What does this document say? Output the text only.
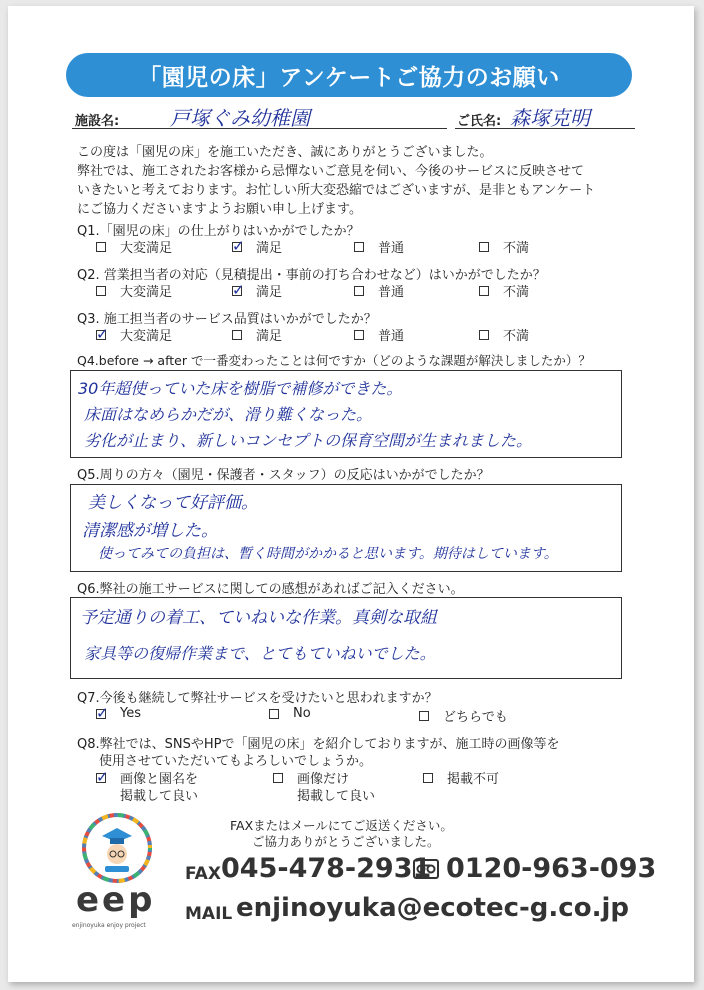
「園児の床」アンケートご協力のお願い
施設名:	戸塚ぐみ幼稚園	ご氏名: 森塚克明
この度は「園児の床」を施工いただき、誠にありがとうございました。
弊社では、施工されたお客様から忌憚ないご意見を伺い、今後のサービスに反映させて
いきたいと考えております。お忙しい所大変恐縮ではございますが、是非ともアンケート
にご協力くださいますようお願い申し上げます。
Q1.「園児の床」の仕上がりはいかがでしたか？
大変満足	✓ 満足	普通	不満
Q2. 営業担当者の対応（見積提出・事前の打ち合わせなど）はいかがでしたか？
大変満足	✓ 満足	普通	不満
Q3. 施工担当者のサービス品質はいかがでしたか？
✓ 大変満足	満足	普通	不満
Q4.before → after で一番変わったことは何ですか（どのような課題が解決しましたか）？
30年超使っていた床を樹脂で補修ができた。
床面はなめらかだが、滑り難くなった。
劣化が止まり、新しいコンセプトの保育空間が生まれました。
Q5.周りの方々（園児・保護者・スタッフ）の反応はいかがでしたか？
美しくなって好評価。
清潔感が増した。
使ってみての負担は、暫く時間がかかると思います。期待はしています。
Q6.弊社の施工サービスに関しての感想があればご記入ください。
予定通りの着工、ていねいな作業。真剣な取組
家具等の復帰作業まで、とてもていねいでした。
Q7.今後も継続して弊社サービスを受けたいと思われますか？
✓ Yes	No	どちらでも
Q8.弊社では、SNSやHPで「園児の床」を紹介しておりますが、施工時の画像等を
使用させていただいてもよろしいでしょうか。
✓ 画像と園名を
掲載して良い
画像だけ
掲載して良い
掲載不可
eep
enjinoyuka enjoy project
FAXまたはメールにてご返送ください。
ご協力ありがとうございました。
FAX 045-478-2931 0120-963-093
MAIL enjinoyuka@ecotec-g.co.jp
